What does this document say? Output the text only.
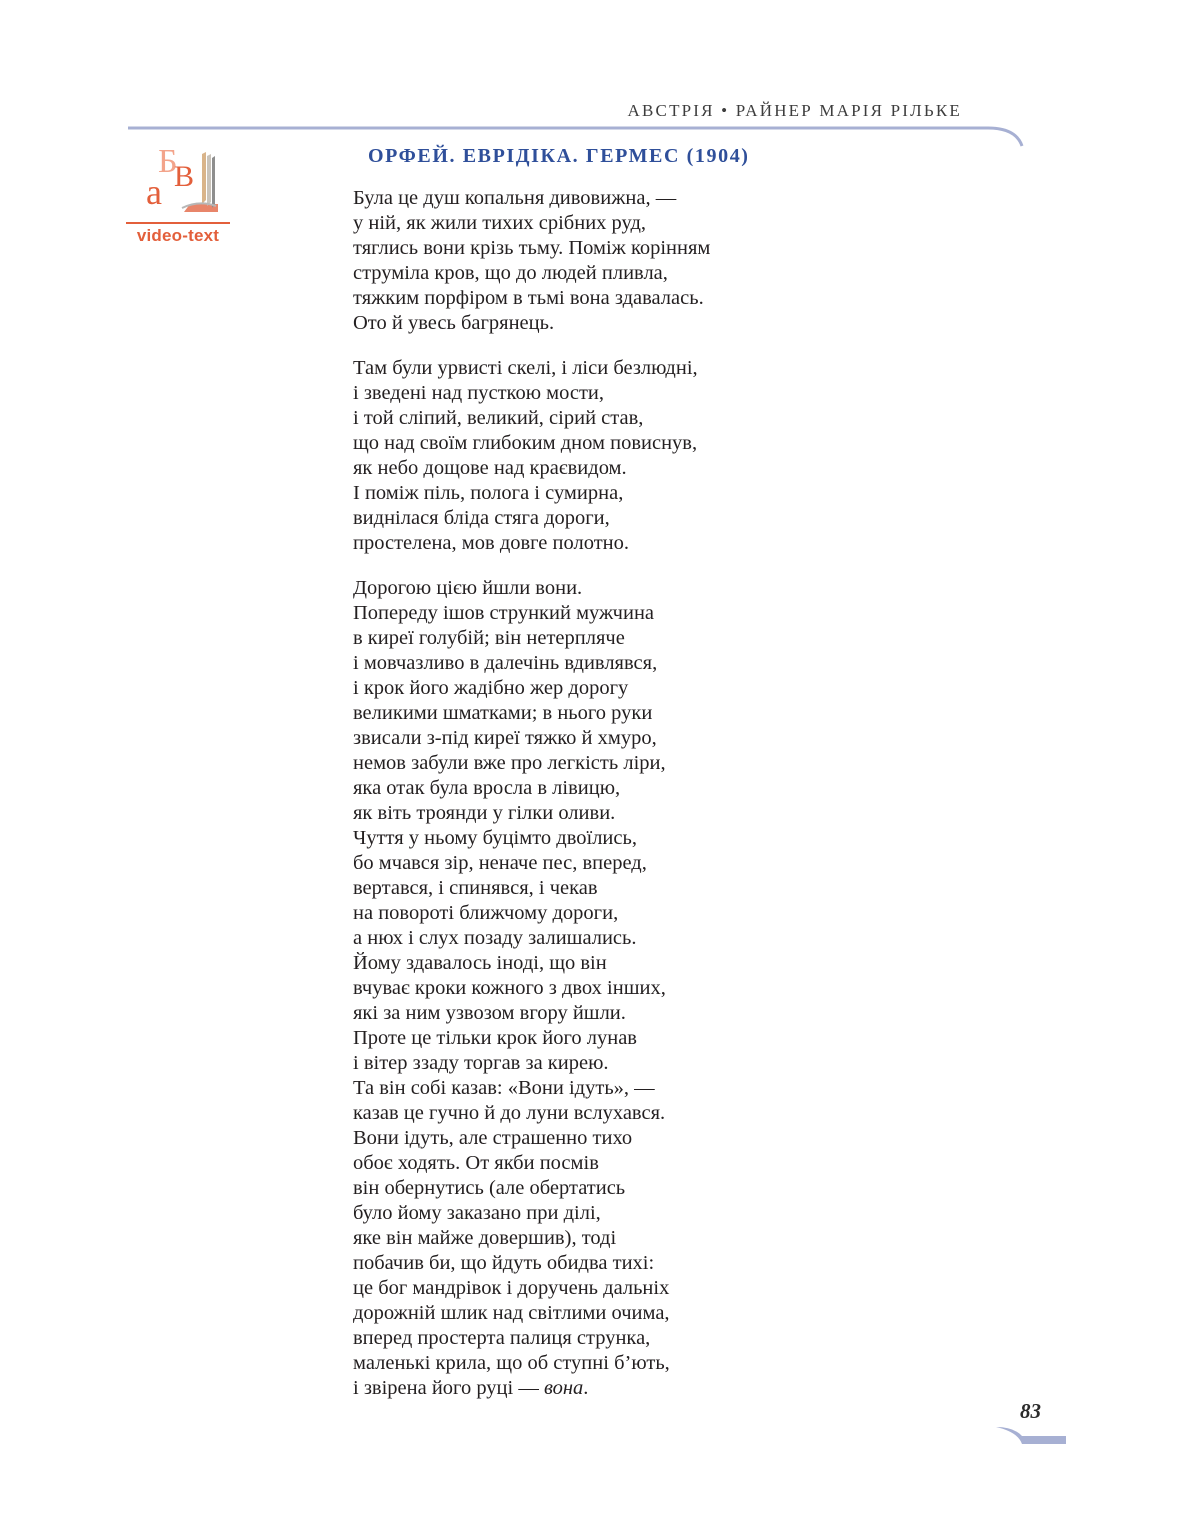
АВСТРІЯ • РАЙНЕР МАРІЯ РІЛЬКЕ
Б
В
а
video-text
ОРФЕЙ. ЕВРІДІКА. ГЕРМЕС (1904)
Була це душ копальня дивовижна, —
у ній, як жили тихих срібних руд,
тяглись вони крізь тьму. Поміж корінням
струміла кров, що до людей пливла,
тяжким порфіром в тьмі вона здавалась.
Ото й увесь багрянець.
Там були урвисті скелі, і ліси безлюдні,
і зведені над пусткою мости,
і той сліпий, великий, сірий став,
що над своїм глибоким дном повиснув,
як небо дощове над краєвидом.
І поміж піль, полога і сумирна,
виднілася бліда стяга дороги,
простелена, мов довге полотно.
Дорогою цією йшли вони.
Попереду ішов стрункий мужчина
в киреї голубій; він нетерпляче
і мовчазливо в далечінь вдивлявся,
і крок його жадібно жер дорогу
великими шматками; в нього руки
звисали з-під киреї тяжко й хмуро,
немов забули вже про легкість ліри,
яка отак була вросла в лівицю,
як віть троянди у гілки оливи.
Чуття у ньому буцімто двоїлись,
бо мчався зір, неначе пес, вперед,
вертався, і спинявся, і чекав
на повороті ближчому дороги,
а нюх і слух позаду залишались.
Йому здавалось іноді, що він
вчуває кроки кожного з двох інших,
які за ним узвозом вгору йшли.
Проте це тільки крок його лунав
і вітер ззаду торгав за кирею.
Та він собі казав: «Вони ідуть», —
казав це гучно й до луни вслухався.
Вони ідуть, але страшенно тихо
обоє ходять. От якби посмів
він обернутись (але обертатись
було йому заказано при ділі,
яке він майже довершив), тоді
побачив би, що йдуть обидва тихі:
це бог мандрівок і доручень дальніх
дорожній шлик над світлими очима,
вперед простерта палиця струнка,
маленькі крила, що об ступні б’ють,
і звірена його руці — вона.
83
